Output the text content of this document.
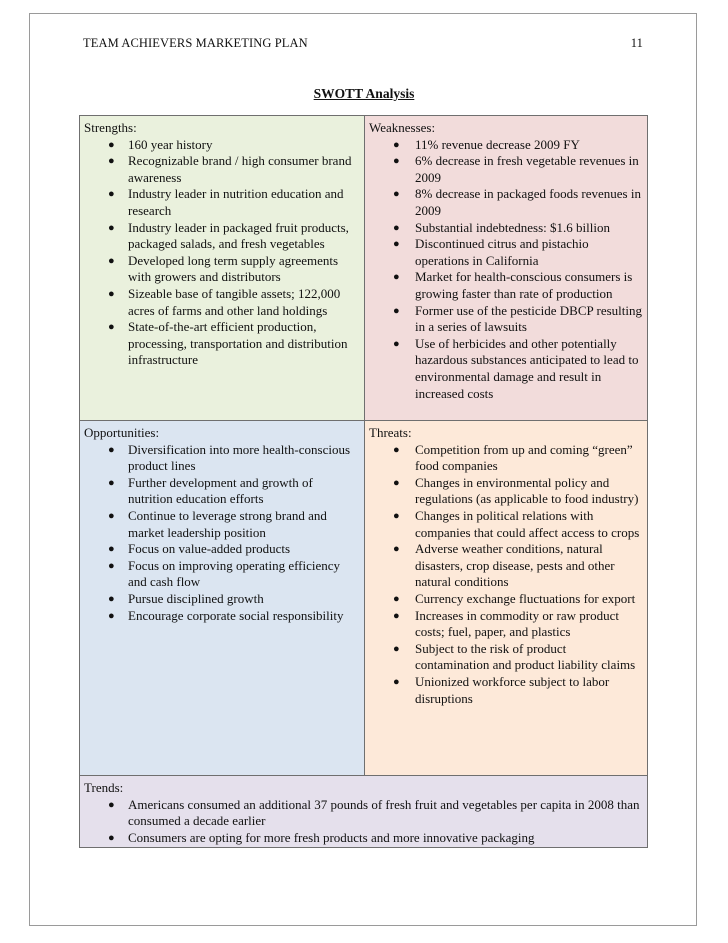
TEAM ACHIEVERS MARKETING PLAN	11
SWOTT Analysis
Strengths:
● 160 year history
● Recognizable brand / high consumer brand awareness
● Industry leader in nutrition education and research
● Industry leader in packaged fruit products, packaged salads, and fresh vegetables
● Developed long term supply agreements with growers and distributors
● Sizeable base of tangible assets; 122,000 acres of farms and other land holdings
● State-of-the-art efficient production, processing, transportation and distribution infrastructure
Weaknesses:
● 11% revenue decrease 2009 FY
● 6% decrease in fresh vegetable revenues in 2009
● 8% decrease in packaged foods revenues in 2009
● Substantial indebtedness: $1.6 billion
● Discontinued citrus and pistachio operations in California
● Market for health-conscious consumers is growing faster than rate of production
● Former use of the pesticide DBCP resulting in a series of lawsuits
● Use of herbicides and other potentially hazardous substances anticipated to lead to environmental damage and result in increased costs
Opportunities:
● Diversification into more health-conscious product lines
● Further development and growth of nutrition education efforts
● Continue to leverage strong brand and market leadership position
● Focus on value-added products
● Focus on improving operating efficiency and cash flow
● Pursue disciplined growth
● Encourage corporate social responsibility
Threats:
● Competition from up and coming “green” food companies
● Changes in environmental policy and regulations (as applicable to food industry)
● Changes in political relations with companies that could affect access to crops
● Adverse weather conditions, natural disasters, crop disease, pests and other natural conditions
● Currency exchange fluctuations for export
● Increases in commodity or raw product costs; fuel, paper, and plastics
● Subject to the risk of product contamination and product liability claims
● Unionized workforce subject to labor disruptions
Trends:
● Americans consumed an additional 37 pounds of fresh fruit and vegetables per capita in 2008 than consumed a decade earlier
● Consumers are opting for more fresh products and more innovative packaging
